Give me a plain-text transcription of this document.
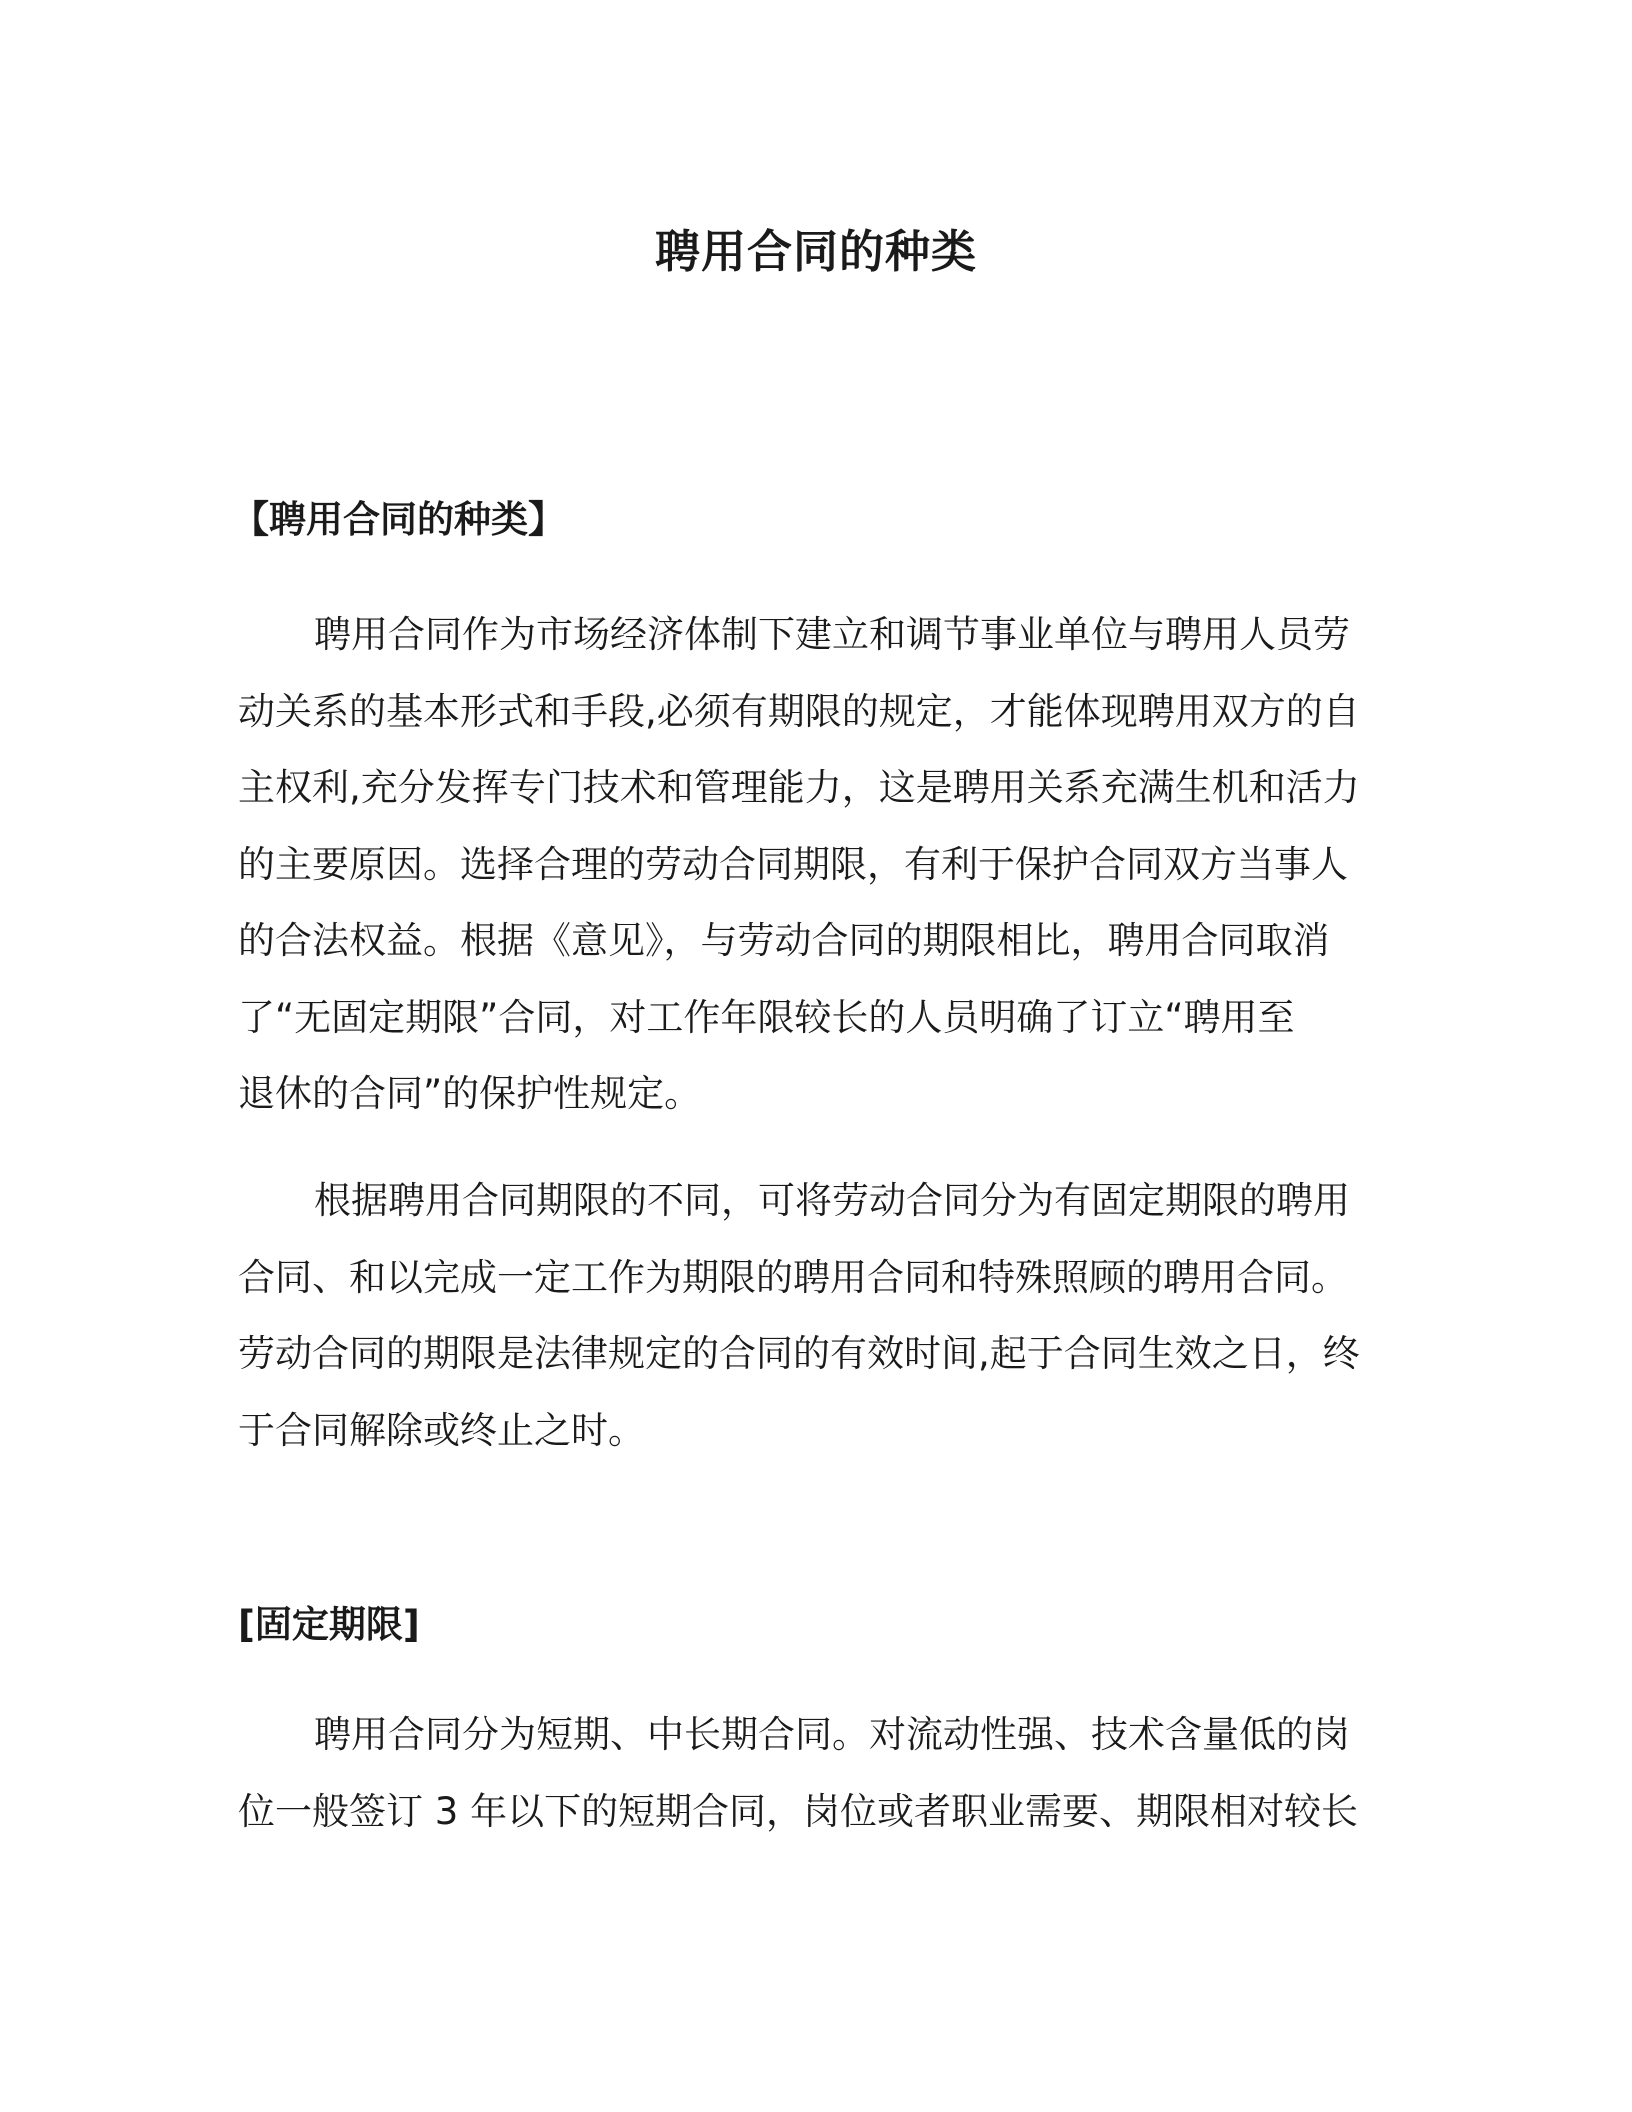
聘用合同的种类
【聘用合同的种类】

聘用合同作为市场经济体制下建立和调节事业单位与聘用人员劳
动关系的基本形式和手段,必须有期限的规定，才能体现聘用双方的自
主权利,充分发挥专门技术和管理能力，这是聘用关系充满生机和活力
的主要原因。选择合理的劳动合同期限，有利于保护合同双方当事人
的合法权益。根据《意见》，与劳动合同的期限相比，聘用合同取消
了“无固定期限”合同，对工作年限较长的人员明确了订立“聘用至
退休的合同”的保护性规定。

根据聘用合同期限的不同，可将劳动合同分为有固定期限的聘用
合同、和以完成一定工作为期限的聘用合同和特殊照顾的聘用合同。
劳动合同的期限是法律规定的合同的有效时间,起于合同生效之日，终
于合同解除或终止之时。

[固定期限]

聘用合同分为短期、中长期合同。对流动性强、技术含量低的岗
位一般签订 3 年以下的短期合同，岗位或者职业需要、期限相对较长
